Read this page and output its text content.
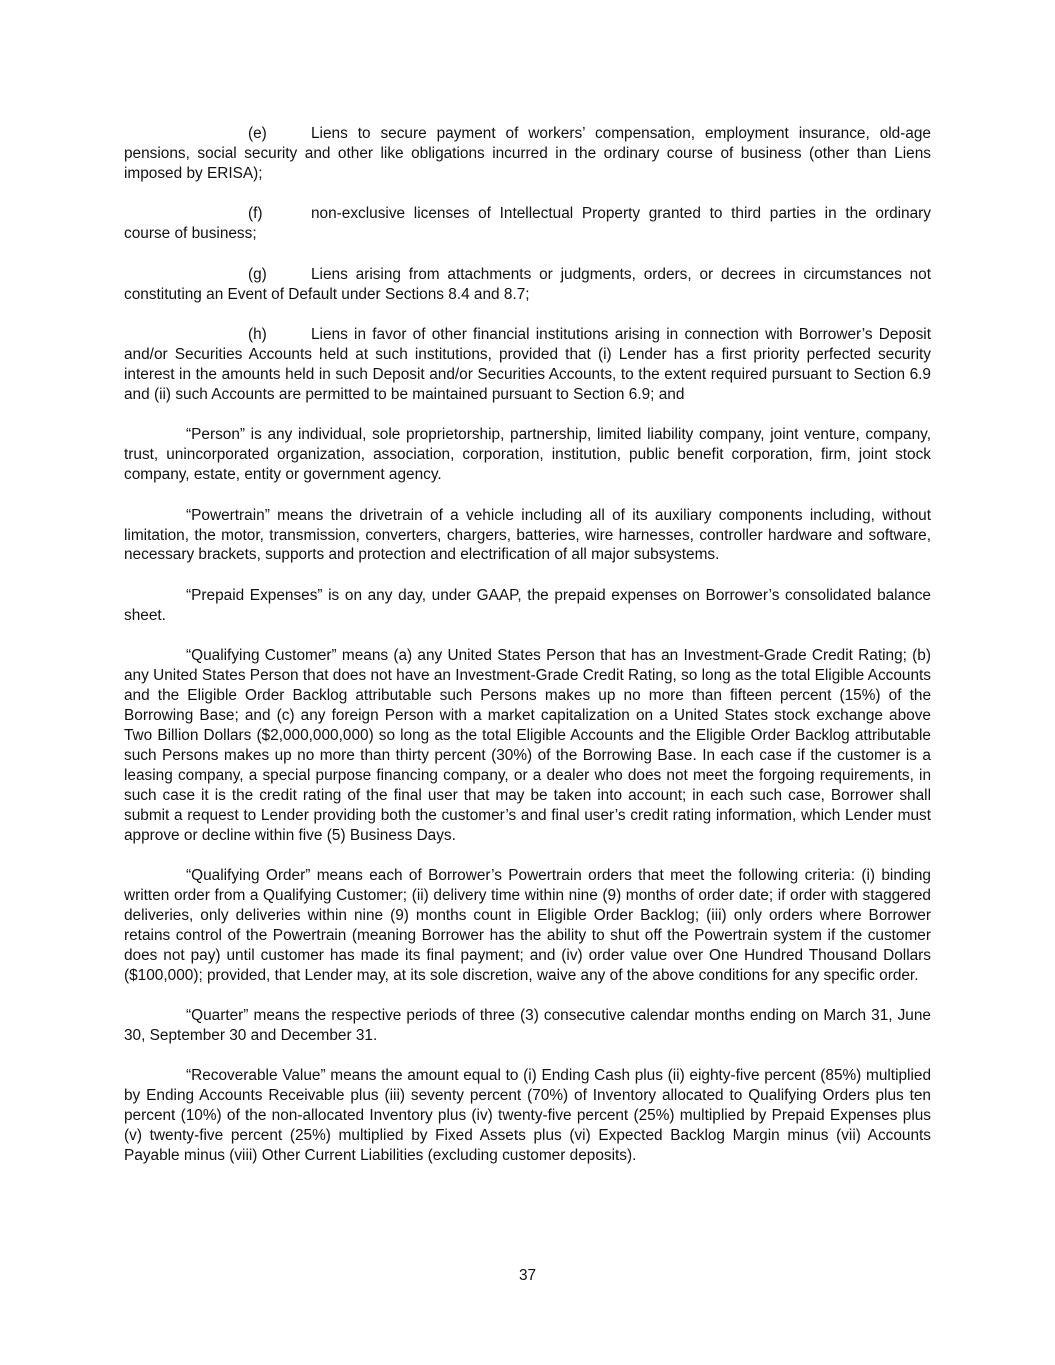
(e)	Liens to secure payment of workers’ compensation, employment insurance, old-age pensions, social security and other like obligations incurred in the ordinary course of business (other than Liens imposed by ERISA);

(f)	non-exclusive licenses of Intellectual Property granted to third parties in the ordinary course of business;

(g)	Liens arising from attachments or judgments, orders, or decrees in circumstances not constituting an Event of Default under Sections 8.4 and 8.7;

(h)	Liens in favor of other financial institutions arising in connection with Borrower’s Deposit and/or Securities Accounts held at such institutions, provided that (i) Lender has a first priority perfected security interest in the amounts held in such Deposit and/or Securities Accounts, to the extent required pursuant to Section 6.9 and (ii) such Accounts are permitted to be maintained pursuant to Section 6.9; and

“Person” is any individual, sole proprietorship, partnership, limited liability company, joint venture, company, trust, unincorporated organization, association, corporation, institution, public benefit corporation, firm, joint stock company, estate, entity or government agency.

“Powertrain” means the drivetrain of a vehicle including all of its auxiliary components including, without limitation, the motor, transmission, converters, chargers, batteries, wire harnesses, controller hardware and software, necessary brackets, supports and protection and electrification of all major subsystems.

“Prepaid Expenses” is on any day, under GAAP, the prepaid expenses on Borrower’s consolidated balance sheet.

“Qualifying Customer” means (a) any United States Person that has an Investment-Grade Credit Rating; (b) any United States Person that does not have an Investment-Grade Credit Rating, so long as the total Eligible Accounts and the Eligible Order Backlog attributable such Persons makes up no more than fifteen percent (15%) of the Borrowing Base; and (c) any foreign Person with a market capitalization on a United States stock exchange above Two Billion Dollars ($2,000,000,000) so long as the total Eligible Accounts and the Eligible Order Backlog attributable such Persons makes up no more than thirty percent (30%) of the Borrowing Base. In each case if the customer is a leasing company, a special purpose financing company, or a dealer who does not meet the forgoing requirements, in such case it is the credit rating of the final user that may be taken into account; in each such case, Borrower shall submit a request to Lender providing both the customer’s and final user’s credit rating information, which Lender must approve or decline within five (5) Business Days.

“Qualifying Order” means each of Borrower’s Powertrain orders that meet the following criteria: (i) binding written order from a Qualifying Customer; (ii) delivery time within nine (9) months of order date; if order with staggered deliveries, only deliveries within nine (9) months count in Eligible Order Backlog; (iii) only orders where Borrower retains control of the Powertrain (meaning Borrower has the ability to shut off the Powertrain system if the customer does not pay) until customer has made its final payment; and (iv) order value over One Hundred Thousand Dollars ($100,000); provided, that Lender may, at its sole discretion, waive any of the above conditions for any specific order.

“Quarter” means the respective periods of three (3) consecutive calendar months ending on March 31, June 30, September 30 and December 31.

“Recoverable Value” means the amount equal to (i) Ending Cash plus (ii) eighty-five percent (85%) multiplied by Ending Accounts Receivable plus (iii) seventy percent (70%) of Inventory allocated to Qualifying Orders plus ten percent (10%) of the non-allocated Inventory plus (iv) twenty-five percent (25%) multiplied by Prepaid Expenses plus (v) twenty-five percent (25%) multiplied by Fixed Assets plus (vi) Expected Backlog Margin minus (vii) Accounts Payable minus (viii) Other Current Liabilities (excluding customer deposits).

37
